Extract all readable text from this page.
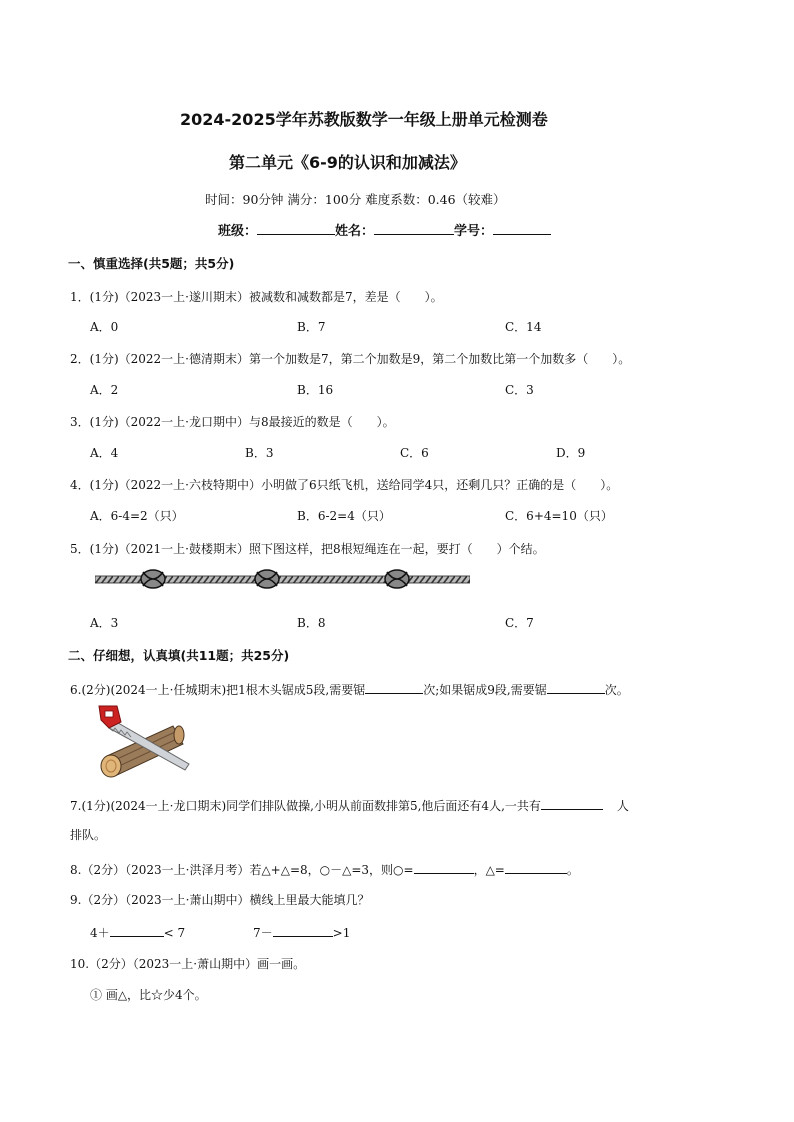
2024-2025学年苏教版数学一年级上册单元检测卷
第二单元《6-9的认识和加减法》
时间：90分钟 满分：100分 难度系数：0.46（较难）
班级：	姓名：	学号：
一、慎重选择(共5题；共5分)
1．(1分)（2023一上·遂川期末）被减数和减数都是7，差是（　　）。
A．0	B．7	C．14
2．(1分)（2022一上·德清期末）第一个加数是7，第二个加数是9，第二个加数比第一个加数多（　　）。
A．2	B．16	C．3
3．(1分)（2022一上·龙口期中）与8最接近的数是（　　）。
A．4	B．3	C．6	D．9
4．(1分)（2022一上·六枝特期中）小明做了6只纸飞机，送给同学4只，还剩几只？正确的是（　　）。
A．6-4=2（只）	B．6-2=4（只）	C．6+4=10（只）
5．(1分)（2021一上·鼓楼期末）照下图这样，把8根短绳连在一起，要打（　　）个结。
A．3	B．8	C．7
二、仔细想，认真填(共11题；共25分)
6.(2分)(2024一上·任城期末)把1根木头锯成5段,需要锯	次;如果锯成9段,需要锯	次。
7.(1分)(2024一上·龙口期末)同学们排队做操,小明从前面数排第5,他后面还有4人,一共有	人
排队。
8.（2分）（2023一上·洪泽月考）若△+△=8，○－△=3，则○=	，△=	。
9.（2分）（2023一上·萧山期中）横线上里最大能填几？
4＋	< 7	7－	>1
10.（2分）（2023一上·萧山期中）画一画。
① 画△，比☆少4个。
